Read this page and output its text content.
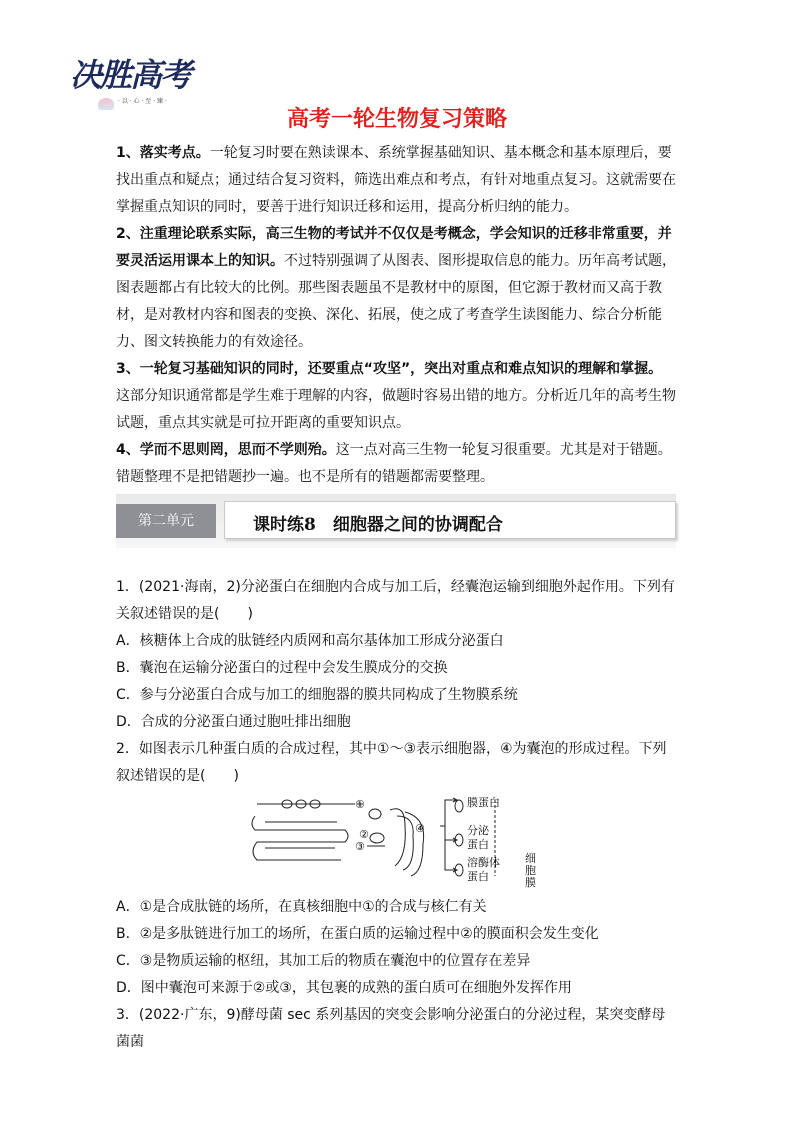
决胜高考
· 以 · 心 · 至 · 臻 ·
高考一轮生物复习策略

1、落实考点。一轮复习时要在熟读课本、系统掌握基础知识、基本概念和基本原理后，要找出重点和疑点；通过结合复习资料，筛选出难点和考点，有针对地重点复习。这就需要在掌握重点知识的同时，要善于进行知识迁移和运用，提高分析归纳的能力。

2、注重理论联系实际，高三生物的考试并不仅仅是考概念，学会知识的迁移非常重要，并要灵活运用课本上的知识。不过特别强调了从图表、图形提取信息的能力。历年高考试题，图表题都占有比较大的比例。那些图表题虽不是教材中的原图，但它源于教材而又高于教材，是对教材内容和图表的变换、深化、拓展，使之成了考查学生读图能力、综合分析能力、图文转换能力的有效途径。

3、一轮复习基础知识的同时，还要重点“攻坚”，突出对重点和难点知识的理解和掌握。这部分知识通常都是学生难于理解的内容，做题时容易出错的地方。分析近几年的高考生物试题，重点其实就是可拉开距离的重要知识点。

4、学而不思则罔，思而不学则殆。这一点对高三生物一轮复习很重要。尤其是对于错题。错题整理不是把错题抄一遍。也不是所有的错题都需要整理。

第二单元	课时练8　细胞器之间的协调配合

1．(2021·海南，2)分泌蛋白在细胞内合成与加工后，经囊泡运输到细胞外起作用。下列有关叙述错误的是(　　)

A．核糖体上合成的肽链经内质网和高尔基体加工形成分泌蛋白

B．囊泡在运输分泌蛋白的过程中会发生膜成分的交换

C．参与分泌蛋白合成与加工的细胞器的膜共同构成了生物膜系统

D．合成的分泌蛋白通过胞吐排出细胞

2．如图表示几种蛋白质的合成过程，其中①～③表示细胞器，④为囊泡的形成过程。下列叙述错误的是(　　)

①
②
③
④
膜蛋白
分泌
蛋白
溶酶体
蛋白
细
胞
膜

A．①是合成肽链的场所，在真核细胞中①的合成与核仁有关

B．②是多肽链进行加工的场所，在蛋白质的运输过程中②的膜面积会发生变化

C．③是物质运输的枢纽，其加工后的物质在囊泡中的位置存在差异

D．图中囊泡可来源于②或③，其包裹的成熟的蛋白质可在细胞外发挥作用

3．(2022·广东，9)酵母菌 sec 系列基因的突变会影响分泌蛋白的分泌过程，某突变酵母菌菌
